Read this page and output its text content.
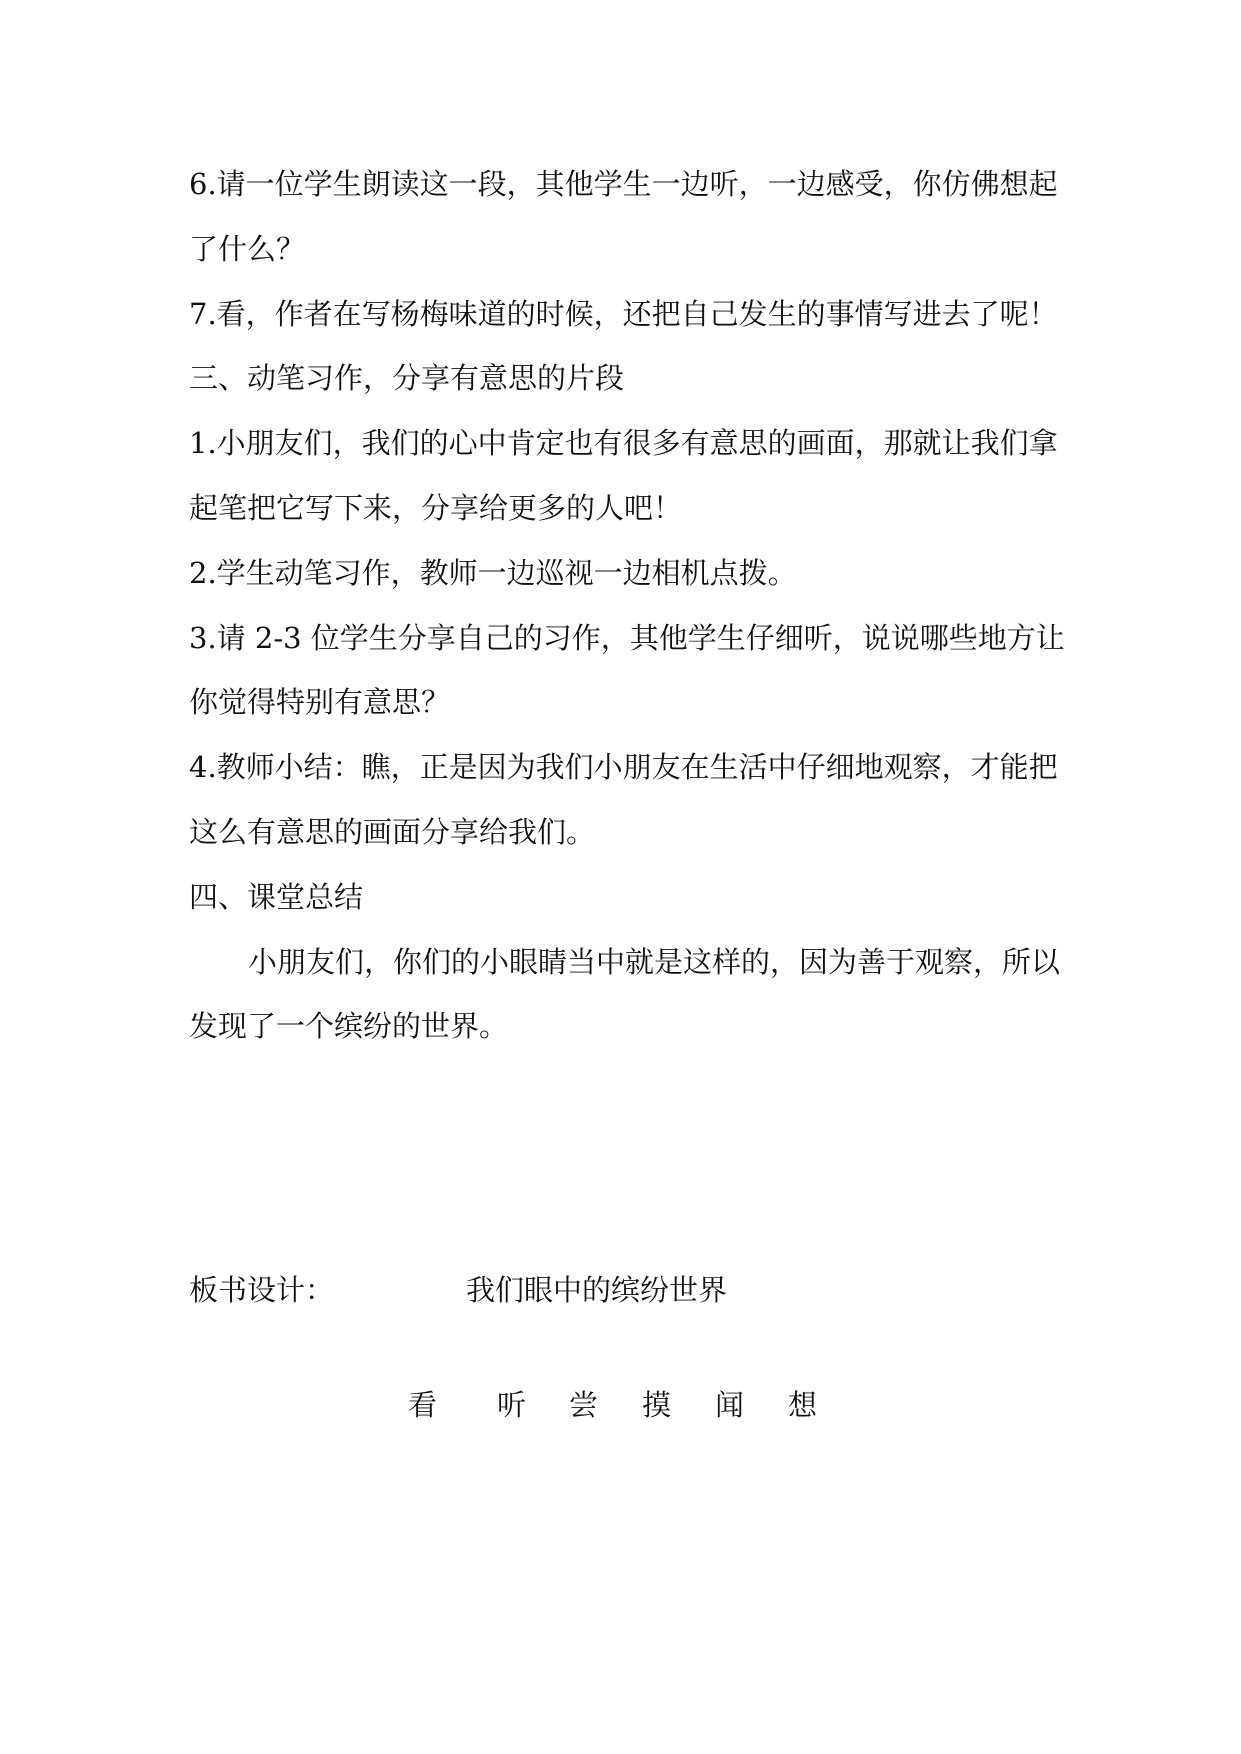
6.请一位学生朗读这一段，其他学生一边听，一边感受，你仿佛想起
了什么？
7.看，作者在写杨梅味道的时候，还把自己发生的事情写进去了呢！
三、动笔习作，分享有意思的片段
1.小朋友们，我们的心中肯定也有很多有意思的画面，那就让我们拿
起笔把它写下来，分享给更多的人吧！
2.学生动笔习作，教师一边巡视一边相机点拨。
3.请 2-3 位学生分享自己的习作，其他学生仔细听，说说哪些地方让
你觉得特别有意思？
4.教师小结：瞧，正是因为我们小朋友在生活中仔细地观察，才能把
这么有意思的画面分享给我们。
四、课堂总结
小朋友们，你们的小眼睛当中就是这样的，因为善于观察，所以
发现了一个缤纷的世界。
板书设计：	我们眼中的缤纷世界
看 听 尝 摸 闻 想
